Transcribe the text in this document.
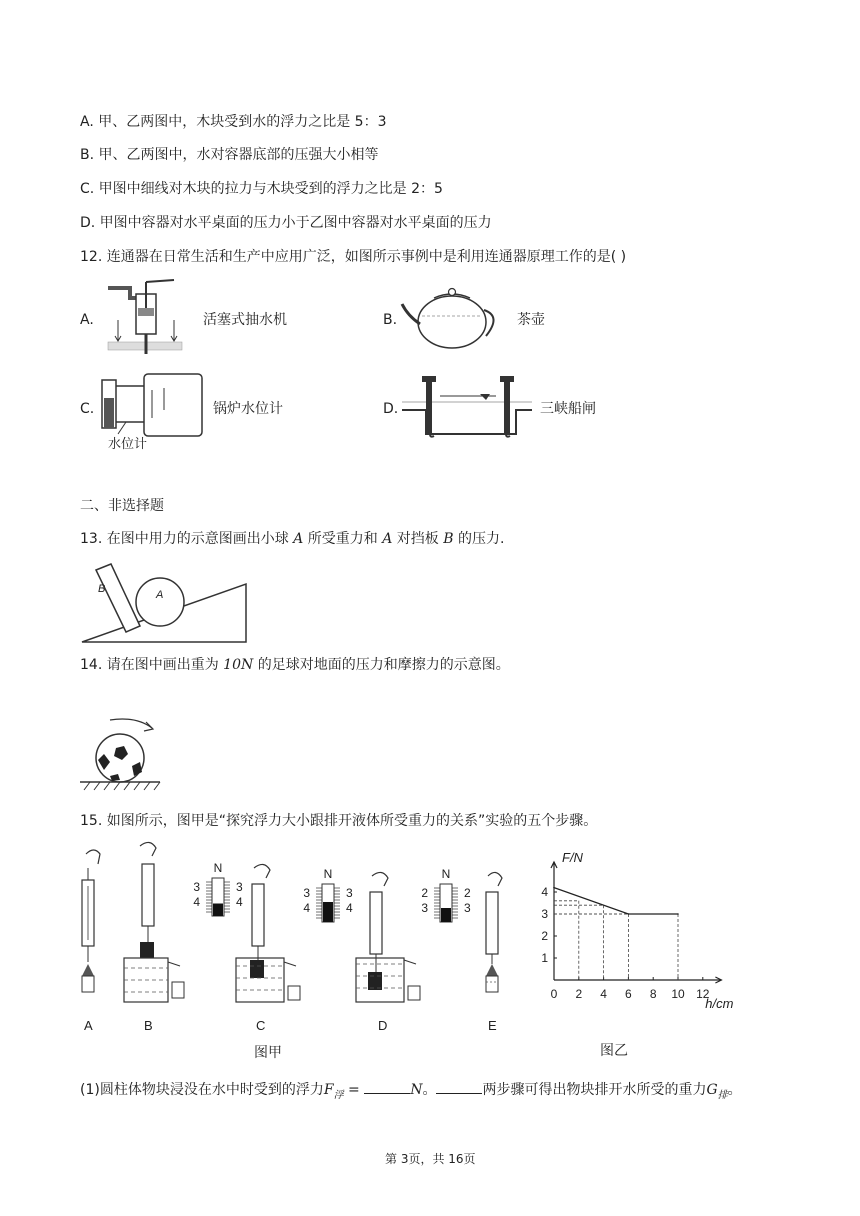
A. 甲、乙两图中，木块受到水的浮力之比是 5：3
B. 甲、乙两图中，水对容器底部的压强大小相等
C. 甲图中细线对木块的拉力与木块受到的浮力之比是 2：5
D. 甲图中容器对水平桌面的压力小于乙图中容器对水平桌面的压力
12. 连通器在日常生活和生产中应用广泛，如图所示事例中是利用连通器原理工作的是( )
A.	活塞式抽水机	B.	茶壶
C.
水位计
锅炉水位计	D.	三峡船闸
二、非选择题
13. 在图中用力的示意图画出小球 A 所受重力和 A 对挡板 B 的压力.
B	A
14. 请在图中画出重为 10N 的足球对地面的压力和摩擦力的示意图。
15. 如图所示，图甲是“探究浮力大小跟排开液体所受重力的关系”实验的五个步骤。
A	B	C	D	E
N
3	3
4	4
N
3	3
4	4
N
2	2
3	3
图甲
F/N
h/cm
0 2 4 6 8 10 12
1
2
3
4
图乙
(1)圆柱体物块浸没在水中时受到的浮力$F_浮$ =	N。	两步骤可得出物块排开水所受的重力$G_排$。
第 3页，共 16页
